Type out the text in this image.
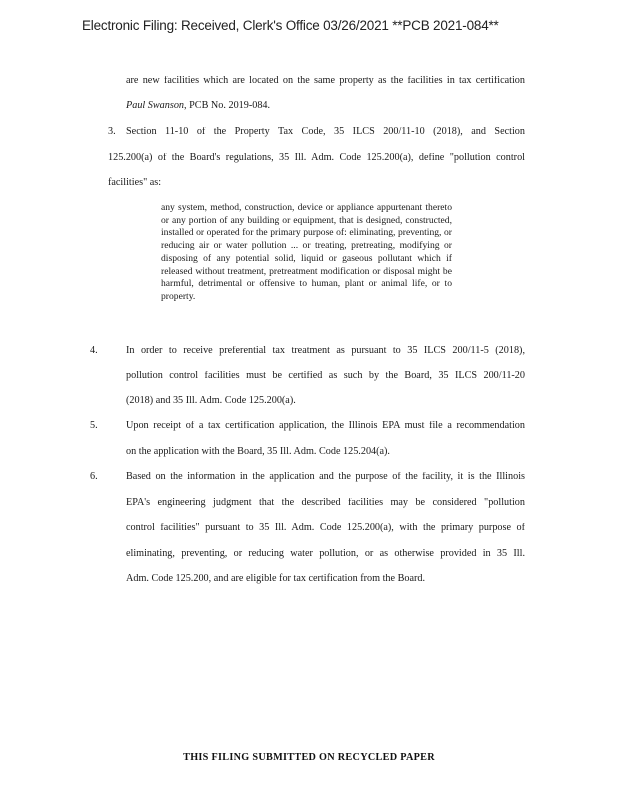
Electronic Filing: Received, Clerk's Office 03/26/2021 **PCB 2021-084**
are new facilities which are located on the same property as the facilities in tax certification
Paul Swanson, PCB No. 2019-084.
3. Section 11-10 of the Property Tax Code, 35 ILCS 200/11-10 (2018), and Section
125.200(a) of the Board's regulations, 35 Ill. Adm. Code 125.200(a), define "pollution control
facilities" as:
any system, method, construction, device or appliance appurtenant thereto or any portion of any building or equipment, that is designed, constructed, installed or operated for the primary purpose of: eliminating, preventing, or reducing air or water pollution ... or treating, pretreating, modifying or disposing of any potential solid, liquid or gaseous pollutant which if released without treatment, pretreatment modification or disposal might be harmful, detrimental or offensive to human, plant or animal life, or to property.
4.	In order to receive preferential tax treatment as pursuant to 35 ILCS 200/11-5 (2018),
pollution control facilities must be certified as such by the Board, 35 ILCS 200/11-20
(2018) and 35 Ill. Adm. Code 125.200(a).
5.	Upon receipt of a tax certification application, the Illinois EPA must file a recommendation
on the application with the Board, 35 Ill. Adm. Code 125.204(a).
6.	Based on the information in the application and the purpose of the facility, it is the Illinois
EPA's engineering judgment that the described facilities may be considered "pollution
control facilities" pursuant to 35 Ill. Adm. Code 125.200(a), with the primary purpose of
eliminating, preventing, or reducing water pollution, or as otherwise provided in 35 Ill.
Adm. Code 125.200, and are eligible for tax certification from the Board.
THIS FILING SUBMITTED ON RECYCLED PAPER
